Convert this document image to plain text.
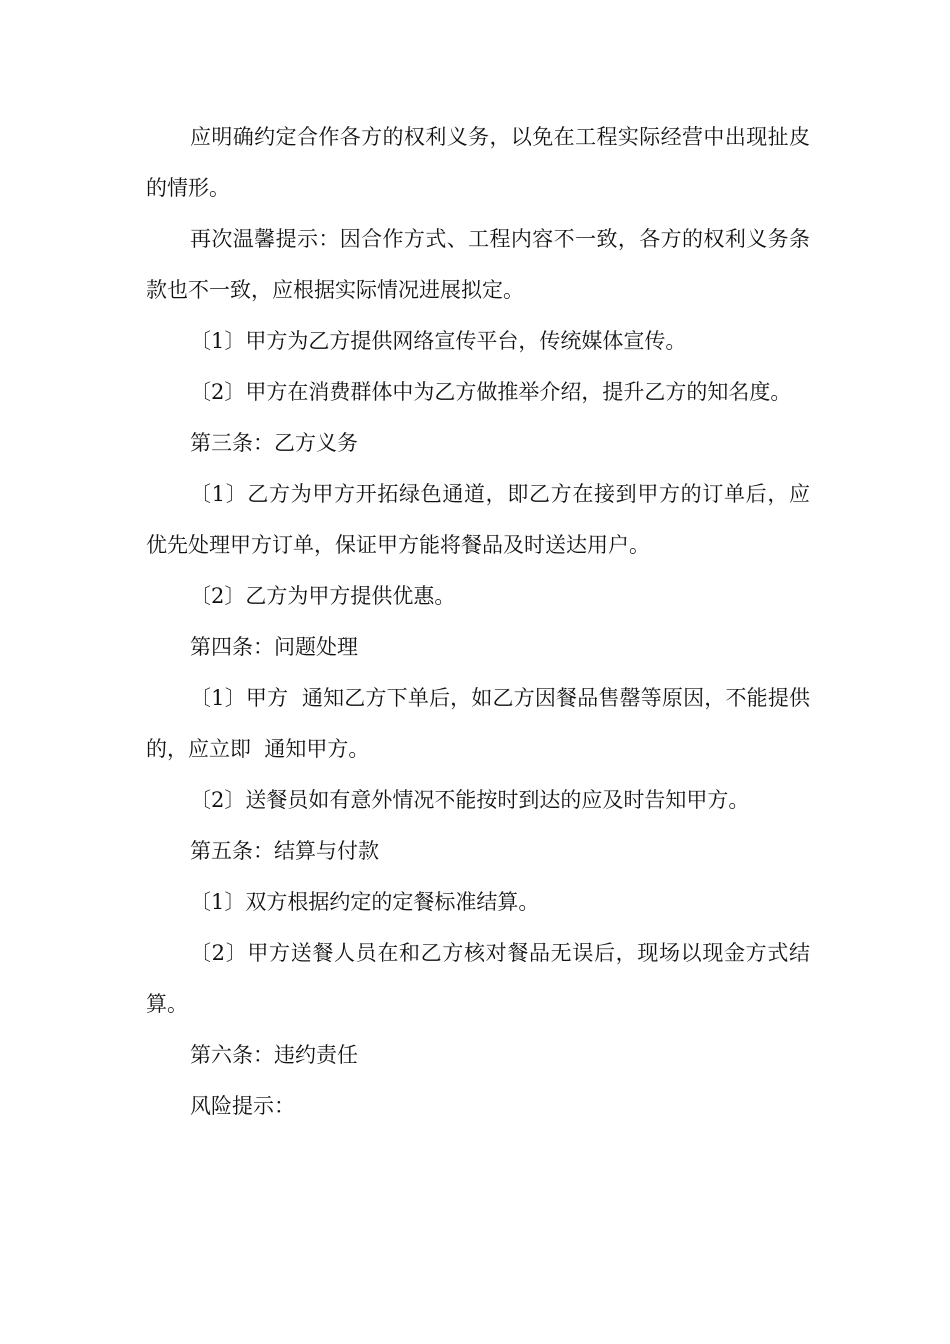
应明确约定合作各方的权利义务，以免在工程实际经营中出现扯皮的情形。

再次温馨提示：因合作方式、工程内容不一致，各方的权利义务条款也不一致，应根据实际情况进展拟定。

〔1〕甲方为乙方提供网络宣传平台，传统媒体宣传。

〔2〕甲方在消费群体中为乙方做推举介绍，提升乙方的知名度。

第三条：乙方义务

〔1〕乙方为甲方开拓绿色通道，即乙方在接到甲方的订单后，应优先处理甲方订单，保证甲方能将餐品及时送达用户。

〔2〕乙方为甲方提供优惠。

第四条：问题处理

〔1〕甲方  通知乙方下单后，如乙方因餐品售罄等原因，不能提供的，应立即  通知甲方。

〔2〕送餐员如有意外情况不能按时到达的应及时告知甲方。

第五条：结算与付款

〔1〕双方根据约定的定餐标准结算。

〔2〕甲方送餐人员在和乙方核对餐品无误后，现场以现金方式结算。

第六条：违约责任

风险提示：
